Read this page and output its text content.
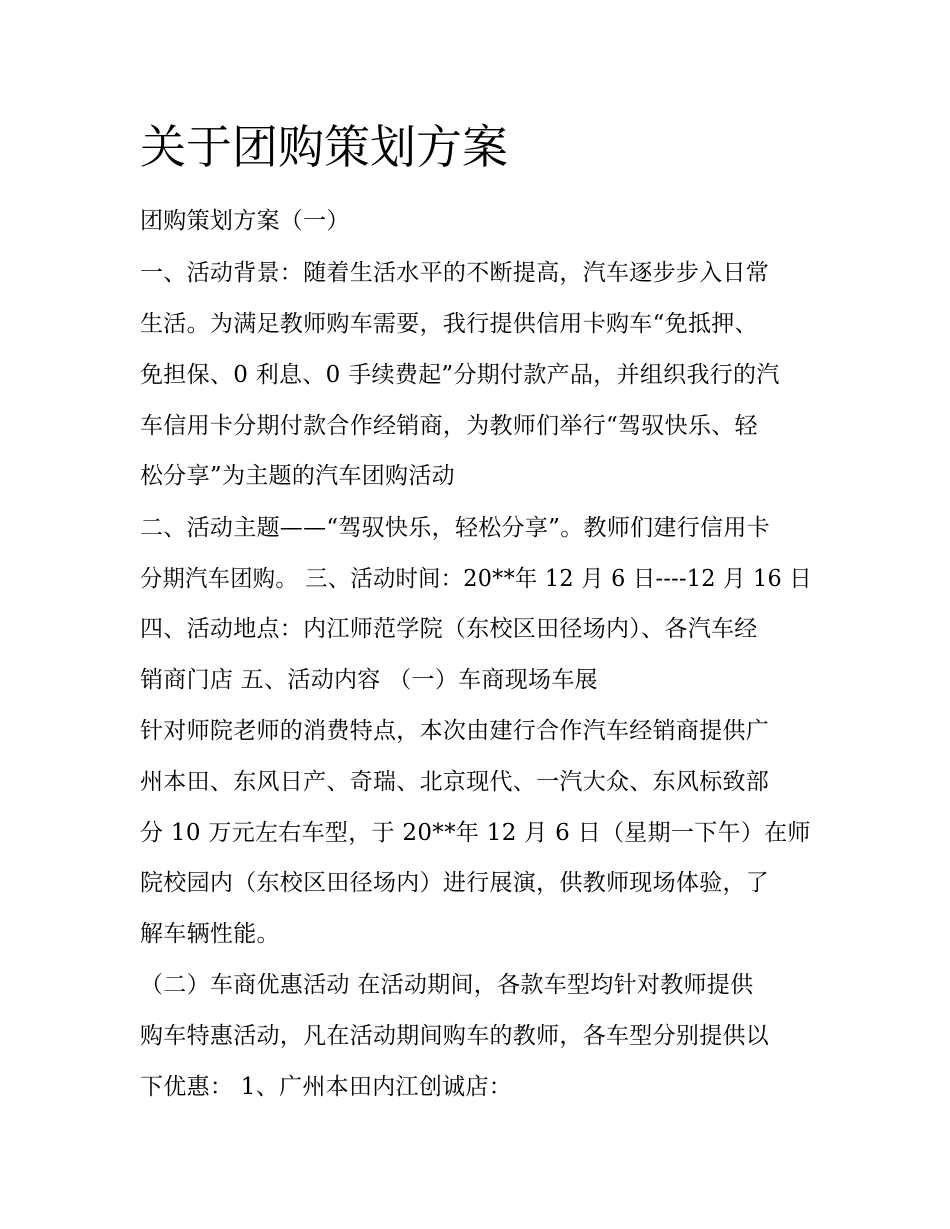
关于团购策划方案
团购策划方案（一）
一、活动背景：随着生活水平的不断提高，汽车逐步步入日常
生活。为满足教师购车需要，我行提供信用卡购车“免抵押、
免担保、0 利息、0 手续费起”分期付款产品，并组织我行的汽
车信用卡分期付款合作经销商，为教师们举行“驾驭快乐、轻
松分享”为主题的汽车团购活动
二、活动主题——“驾驭快乐，轻松分享”。教师们建行信用卡
分期汽车团购。 三、活动时间：20**年 12 月 6 日----12 月 16 日
四、活动地点：内江师范学院（东校区田径场内）、各汽车经
销商门店 五、活动内容 （一）车商现场车展
针对师院老师的消费特点，本次由建行合作汽车经销商提供广
州本田、东风日产、奇瑞、北京现代、一汽大众、东风标致部
分 10 万元左右车型，于 20**年 12 月 6 日（星期一下午）在师
院校园内（东校区田径场内）进行展演，供教师现场体验，了
解车辆性能。
（二）车商优惠活动 在活动期间，各款车型均针对教师提供
购车特惠活动，凡在活动期间购车的教师，各车型分别提供以
下优惠： 1、广州本田内江创诚店：
